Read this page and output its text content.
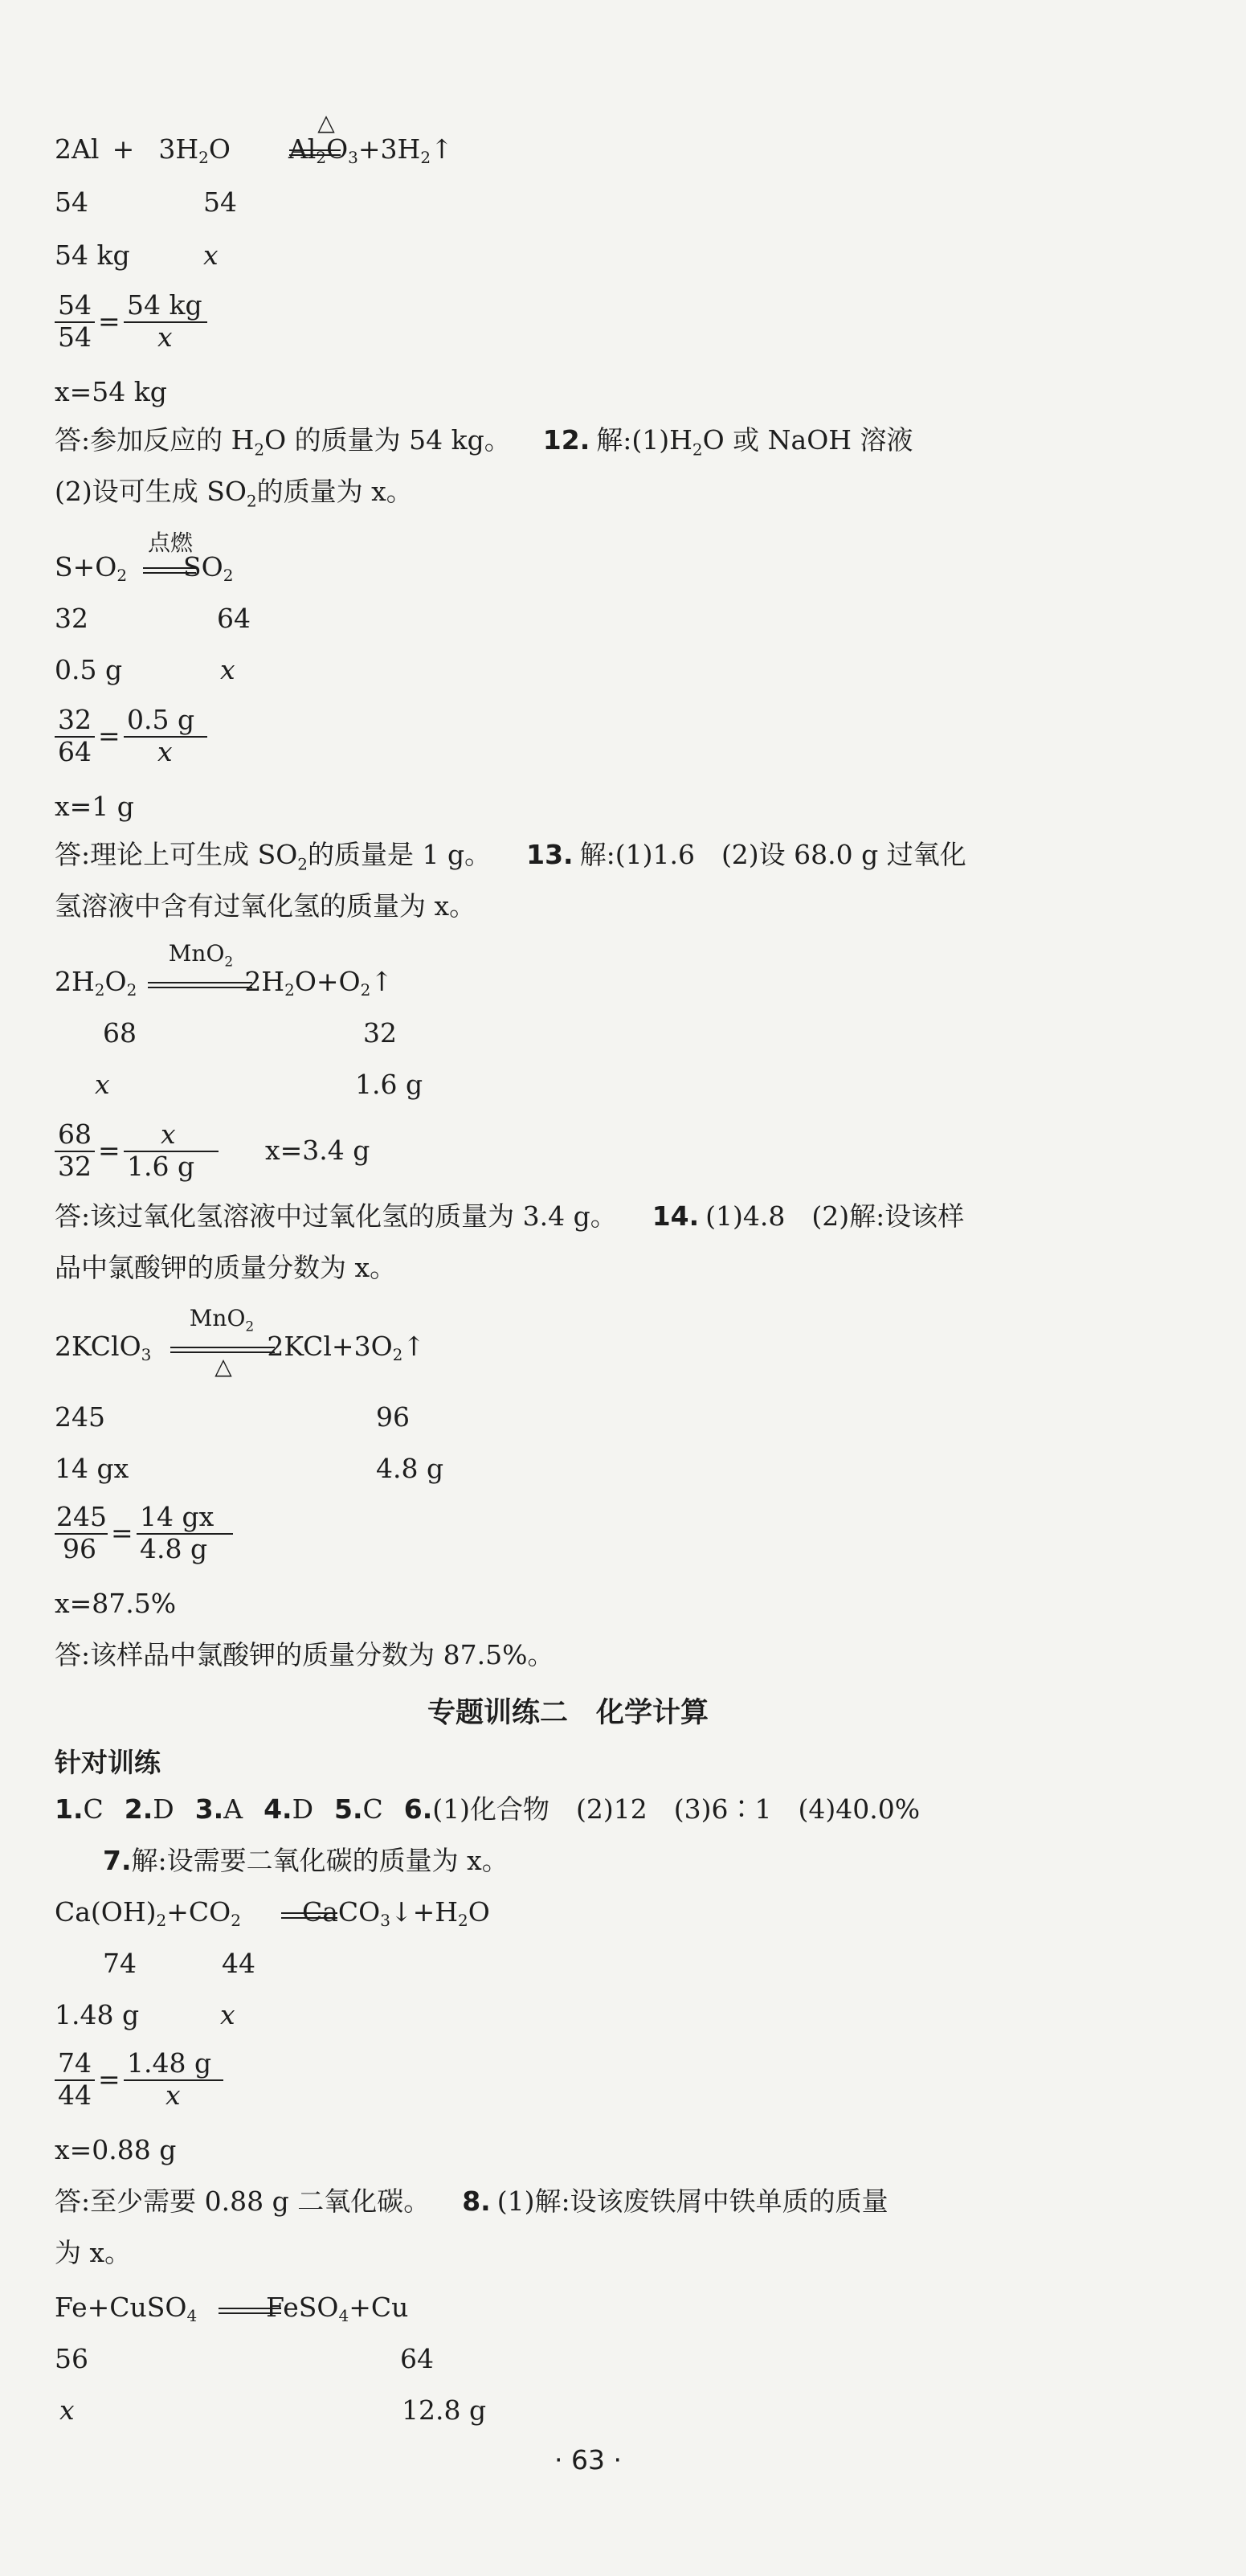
$2Al + 3H_2O$ $Al_2O_3+3H_2↑$
△
54	54
54 kg	x
54
54
=
54 kg
x
x=54 kg
答:参加反应的 $H_2O$ 的质量为 54 kg。 12. 解$:(1)H_2O$ 或 NaOH 溶液
(2)设可生成 $SO_2$的质量为 x。
$S+O_2$ $SO_2$
点燃
32	64
0.5 g	x
32
64
=
0.5 g
x
x=1 g
答:理论上可生成 $SO_2$的质量是 1 g。 13. 解:(1)1.6　(2)设 68.0 g 过氧化
氢溶液中含有过氧化氢的质量为 x。
$2H_2O_2$	$2H_2O+O_2↑$
MnO$_2$
68	32
x	1.6 g
68
32
=
x
1.6 g
x=3.4 g
答:该过氧化氢溶液中过氧化氢的质量为 3.4 g。 14. (1)4.8　(2)解:设该样
品中氯酸钾的质量分数为 x。
2KClO$_3$	$2KCl+3O_2↑$
MnO$_2$
△
245	96
14 gx	4.8 g
245
96
=
14 gx
4.8 g
x=87.5%
答:该样品中氯酸钾的质量分数为 87.5%。
专题训练二　化学计算
针对训练
1.C 2.D 3.A 4.D 5.C 6.(1)化合物　(2)12　(3)6∶1　(4)40.0%
7.解:设需要二氧化碳的质量为 x。
$Ca(OH)_2+CO_2$ $CaCO_3↓+H_2O$
74	44
1.48 g	x
74
44
=
1.48 g
x
x=0.88 g
答:至少需要 0.88 g 二氧化碳。 8. (1)解:设该废铁屑中铁单质的质量
为 x。
Fe+CuSO$_4$	FeSO$_4$+Cu
56	64
x	12.8 g
· 63 ·
